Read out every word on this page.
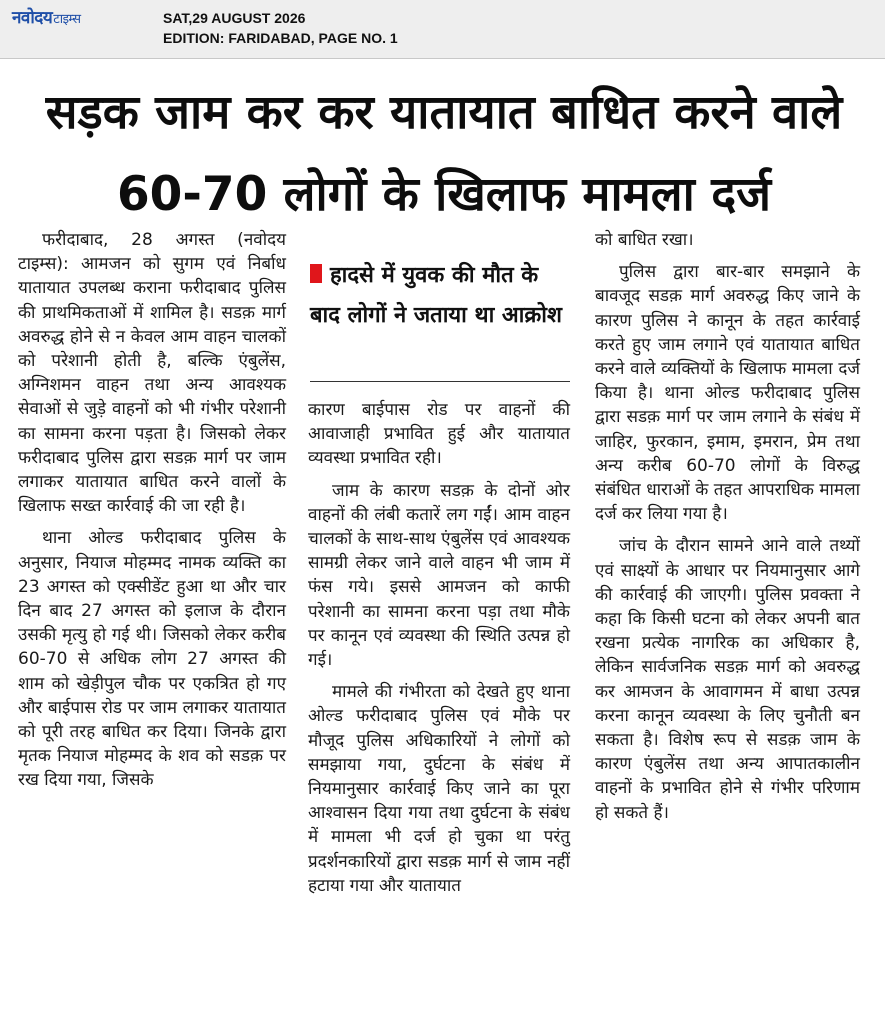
नवोदयटाइम्स	SAT,29 AUGUST 2026
EDITION: FARIDABAD, PAGE NO. 1
सड़क जाम कर कर यातायात बाधित करने वाले 60-70 लोगों के खिलाफ मामला दर्ज

फरीदाबाद, 28 अगस्त (नवोदय टाइम्स): आमजन को सुगम एवं निर्बाध यातायात उपलब्ध कराना फरीदाबाद पुलिस की प्राथमिकताओं में शामिल है। सडक़ मार्ग अवरुद्ध होने से न केवल आम वाहन चालकों को परेशानी होती है, बल्कि एंबुलेंस, अग्निशमन वाहन तथा अन्य आवश्यक सेवाओं से जुड़े वाहनों को भी गंभीर परेशानी का सामना करना पड़ता है। जिसको लेकर फरीदाबाद पुलिस द्वारा सडक़ मार्ग पर जाम लगाकर यातायात बाधित करने वालों के खिलाफ सख्त कार्रवाई की जा रही है।

थाना ओल्ड फरीदाबाद पुलिस के अनुसार, नियाज मोहम्मद नामक व्यक्ति का 23 अगस्त को एक्सीडेंट हुआ था और चार दिन बाद 27 अगस्त को इलाज के दौरान उसकी मृत्यु हो गई थी। जिसको लेकर करीब 60-70 से अधिक लोग 27 अगस्त की शाम को खेड़ीपुल चौक पर एकत्रित हो गए और बाईपास रोड पर जाम लगाकर यातायात को पूरी तरह बाधित कर दिया। जिनके द्वारा मृतक नियाज मोहम्मद के शव को सडक़ पर रख दिया गया, जिसके

हादसे में युवक की मौत के बाद लोगों ने जताया था आक्रोश

कारण बाईपास रोड पर वाहनों की आवाजाही प्रभावित हुई और यातायात व्यवस्था प्रभावित रही।

जाम के कारण सडक़ के दोनों ओर वाहनों की लंबी कतारें लग गईं। आम वाहन चालकों के साथ-साथ एंबुलेंस एवं आवश्यक सामग्री लेकर जाने वाले वाहन भी जाम में फंस गये। इससे आमजन को काफी परेशानी का सामना करना पड़ा तथा मौके पर कानून एवं व्यवस्था की स्थिति उत्पन्न हो गई।

मामले की गंभीरता को देखते हुए थाना ओल्ड फरीदाबाद पुलिस एवं मौके पर मौजूद पुलिस अधिकारियों ने लोगों को समझाया गया, दुर्घटना के संबंध में नियमानुसार कार्रवाई किए जाने का पूरा आश्वासन दिया गया तथा दुर्घटना के संबंध में मामला भी दर्ज हो चुका था परंतु प्रदर्शनकारियों द्वारा सडक़ मार्ग से जाम नहीं हटाया गया और यातायात

को बाधित रखा।

पुलिस द्वारा बार-बार समझाने के बावजूद सडक़ मार्ग अवरुद्ध किए जाने के कारण पुलिस ने कानून के तहत कार्रवाई करते हुए जाम लगाने एवं यातायात बाधित करने वाले व्यक्तियों के खिलाफ मामला दर्ज किया है। थाना ओल्ड फरीदाबाद पुलिस द्वारा सडक़ मार्ग पर जाम लगाने के संबंध में जाहिर, फुरकान, इमाम, इमरान, प्रेम तथा अन्य करीब 60-70 लोगों के विरुद्ध संबंधित धाराओं के तहत आपराधिक मामला दर्ज कर लिया गया है।

जांच के दौरान सामने आने वाले तथ्यों एवं साक्ष्यों के आधार पर नियमानुसार आगे की कार्रवाई की जाएगी। पुलिस प्रवक्ता ने कहा कि किसी घटना को लेकर अपनी बात रखना प्रत्येक नागरिक का अधिकार है, लेकिन सार्वजनिक सडक़ मार्ग को अवरुद्ध कर आमजन के आवागमन में बाधा उत्पन्न करना कानून व्यवस्था के लिए चुनौती बन सकता है। विशेष रूप से सडक़ जाम के कारण एंबुलेंस तथा अन्य आपातकालीन वाहनों के प्रभावित होने से गंभीर परिणाम हो सकते हैं।
